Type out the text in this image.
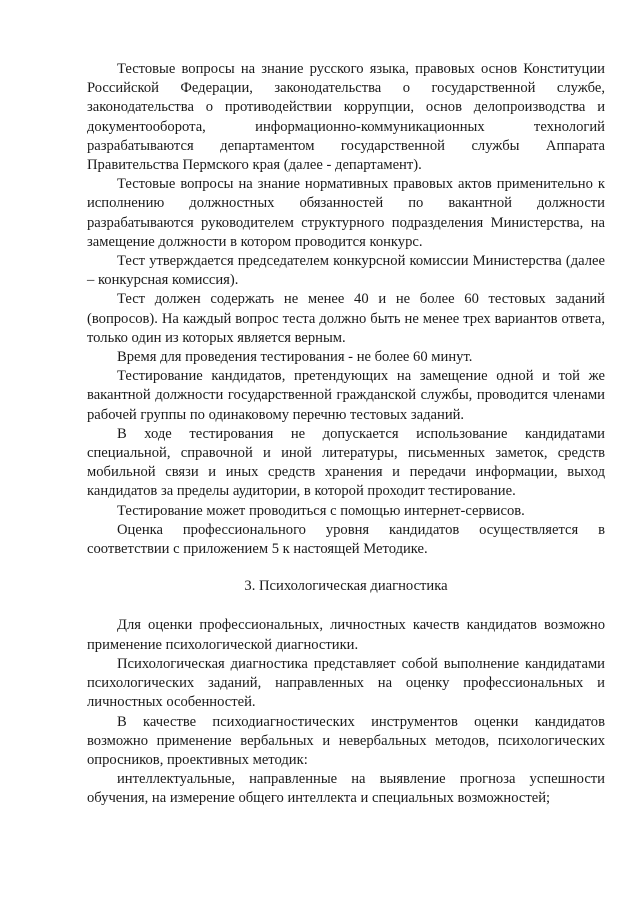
Тестовые вопросы на знание русского языка, правовых основ Конституции Российской Федерации, законодательства о государственной службе, законодательства о противодействии коррупции, основ делопроизводства и документооборота, информационно-коммуникационных технологий разрабатываются департаментом государственной службы Аппарата Правительства Пермского края (далее - департамент).

Тестовые вопросы на знание нормативных правовых актов применительно к исполнению должностных обязанностей по вакантной должности разрабатываются руководителем структурного подразделения Министерства, на замещение должности в котором проводится конкурс.

Тест утверждается председателем конкурсной комиссии Министерства (далее – конкурсная комиссия).

Тест должен содержать не менее 40 и не более 60 тестовых заданий (вопросов). На каждый вопрос теста должно быть не менее трех вариантов ответа, только один из которых является верным.

Время для проведения тестирования - не более 60 минут.

Тестирование кандидатов, претендующих на замещение одной и той же вакантной должности государственной гражданской службы, проводится членами рабочей группы по одинаковому перечню тестовых заданий.

В ходе тестирования не допускается использование кандидатами специальной, справочной и иной литературы, письменных заметок, средств мобильной связи и иных средств хранения и передачи информации, выход кандидатов за пределы аудитории, в которой проходит тестирование.

Тестирование может проводиться с помощью интернет-сервисов.

Оценка профессионального уровня кандидатов осуществляется в соответствии с приложением 5 к настоящей Методике.

3. Психологическая диагностика

Для оценки профессиональных, личностных качеств кандидатов возможно применение психологической диагностики.

Психологическая диагностика представляет собой выполнение кандидатами психологических заданий, направленных на оценку профессиональных и личностных особенностей.

В качестве психодиагностических инструментов оценки кандидатов возможно применение вербальных и невербальных методов, психологических опросников, проективных методик:

интеллектуальные, направленные на выявление прогноза успешности обучения, на измерение общего интеллекта и специальных возможностей;
